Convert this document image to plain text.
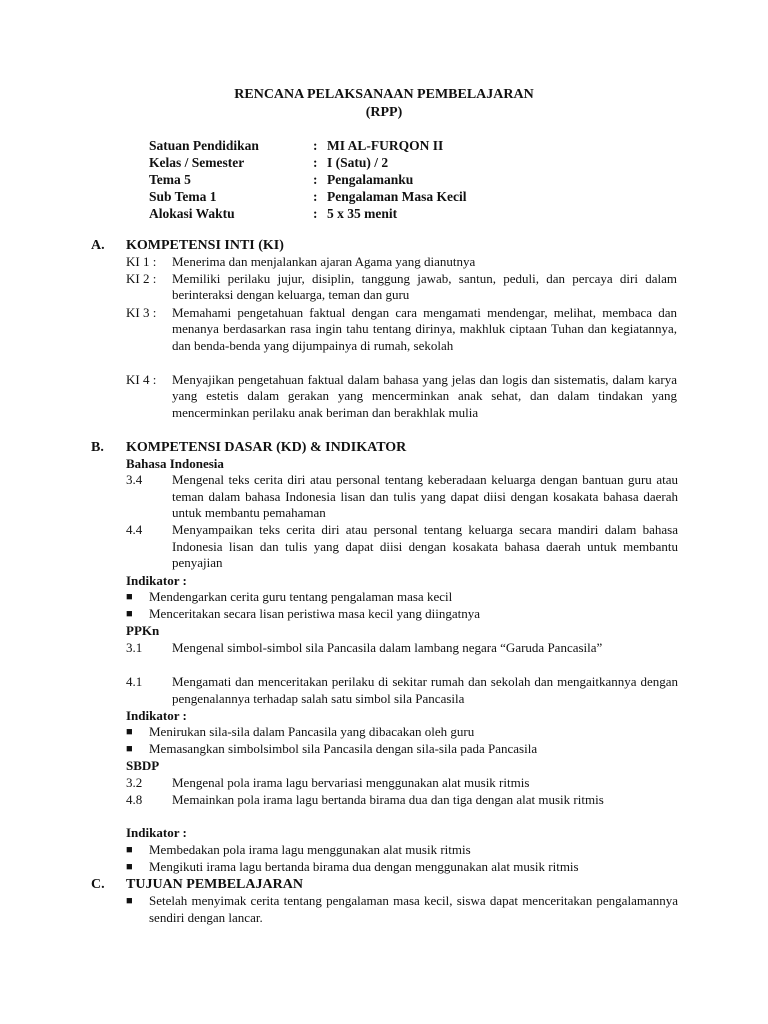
RENCANA PELAKSANAAN PEMBELAJARAN
(RPP)
Satuan Pendidikan	: MI AL-FURQON II
Kelas / Semester	: I (Satu) / 2
Tema 5	: Pengalamanku
Sub Tema 1	: Pengalaman Masa Kecil
Alokasi Waktu	: 5 x 35 menit
A. KOMPETENSI INTI (KI)
KI 1 : Menerima dan menjalankan ajaran Agama yang dianutnya
KI 2 : Memiliki perilaku jujur, disiplin, tanggung jawab, santun, peduli, dan percaya diri dalam berinteraksi dengan keluarga, teman dan guru
KI 3 : Memahami pengetahuan faktual dengan cara mengamati mendengar, melihat, membaca dan menanya berdasarkan rasa ingin tahu tentang dirinya, makhluk ciptaan Tuhan dan kegiatannya, dan benda-benda yang dijumpainya di rumah, sekolah
KI 4 : Menyajikan pengetahuan faktual dalam bahasa yang jelas dan logis dan sistematis, dalam karya yang estetis dalam gerakan yang mencerminkan anak sehat, dan dalam tindakan yang mencerminkan perilaku anak beriman dan berakhlak mulia
B. KOMPETENSI DASAR (KD) & INDIKATOR
Bahasa Indonesia
3.4 Mengenal teks cerita diri atau personal tentang keberadaan keluarga dengan bantuan guru atau teman dalam bahasa Indonesia lisan dan tulis yang dapat diisi dengan kosakata bahasa daerah untuk membantu pemahaman
4.4 Menyampaikan teks cerita diri atau personal tentang keluarga secara mandiri dalam bahasa Indonesia lisan dan tulis yang dapat diisi dengan kosakata bahasa daerah untuk membantu penyajian
Indikator :
■ Mendengarkan cerita guru tentang pengalaman masa kecil
■ Menceritakan secara lisan peristiwa masa kecil yang diingatnya
PPKn
3.1 Mengenal simbol-simbol sila Pancasila dalam lambang negara “Garuda Pancasila”
4.1 Mengamati dan menceritakan perilaku di sekitar rumah dan sekolah dan mengaitkannya dengan pengenalannya terhadap salah satu simbol sila Pancasila
Indikator :
■ Menirukan sila-sila dalam Pancasila yang dibacakan oleh guru
■ Memasangkan simbolsimbol sila Pancasila dengan sila-sila pada Pancasila
SBDP
3.2 Mengenal pola irama lagu bervariasi menggunakan alat musik ritmis
4.8 Memainkan pola irama lagu bertanda birama dua dan tiga dengan alat musik ritmis
Indikator :
■ Membedakan pola irama lagu menggunakan alat musik ritmis
■ Mengikuti irama lagu bertanda birama dua dengan menggunakan alat musik ritmis
C. TUJUAN PEMBELAJARAN
■ Setelah menyimak cerita tentang pengalaman masa kecil, siswa dapat menceritakan pengalamannya sendiri dengan lancar.
